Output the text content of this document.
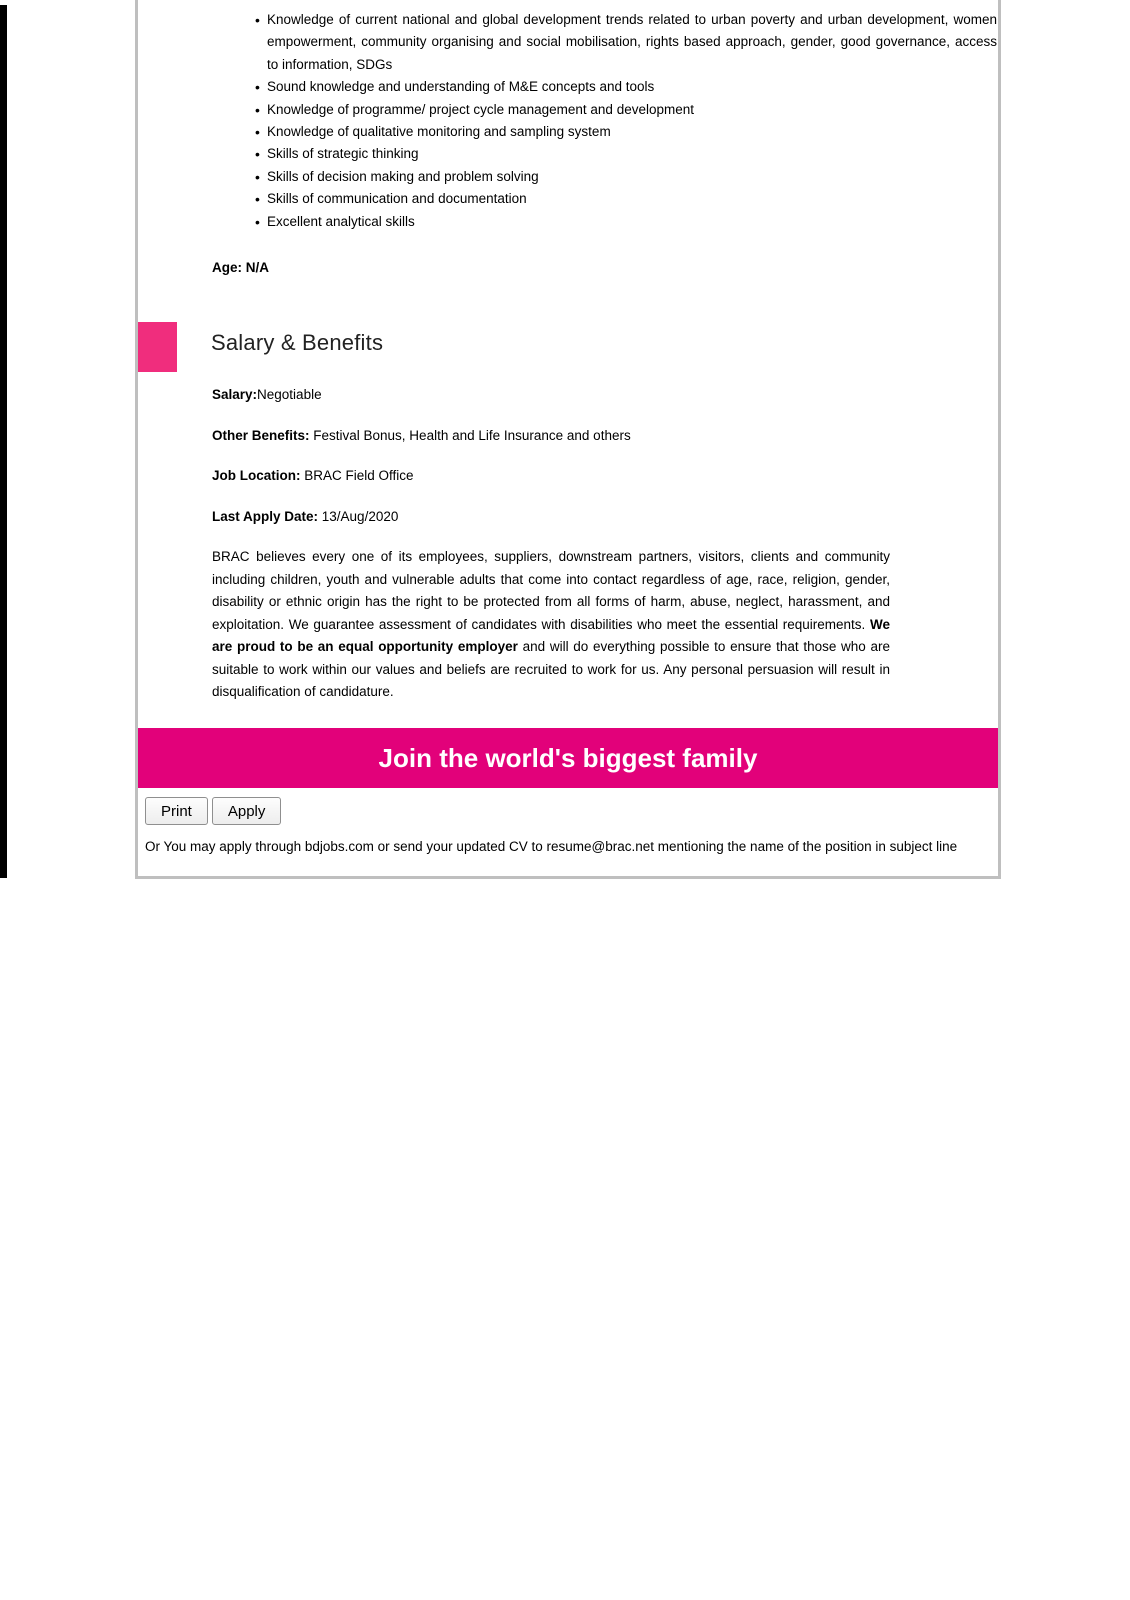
• Knowledge of current national and global development trends related to urban poverty and urban development, women empowerment, community organising and social mobilisation, rights based approach, gender, good governance, access to information, SDGs
• Sound knowledge and understanding of M&E concepts and tools
• Knowledge of programme/ project cycle management and development
• Knowledge of qualitative monitoring and sampling system
• Skills of strategic thinking
• Skills of decision making and problem solving
• Skills of communication and documentation
• Excellent analytical skills
Age: N/A
Salary & Benefits

Salary:Negotiable

Other Benefits: Festival Bonus, Health and Life Insurance and others

Job Location: BRAC Field Office

Last Apply Date: 13/Aug/2020

BRAC believes every one of its employees, suppliers, downstream partners, visitors, clients and community including children, youth and vulnerable adults that come into contact regardless of age, race, religion, gender, disability or ethnic origin has the right to be protected from all forms of harm, abuse, neglect, harassment, and exploitation. We guarantee assessment of candidates with disabilities who meet the essential requirements. We are proud to be an equal opportunity employer and will do everything possible to ensure that those who are suitable to work within our values and beliefs are recruited to work for us. Any personal persuasion will result in disqualification of candidature.

Join the world's biggest family
Print	Apply

Or You may apply through bdjobs.com or send your updated CV to resume@brac.net mentioning the name of the position in subject line
